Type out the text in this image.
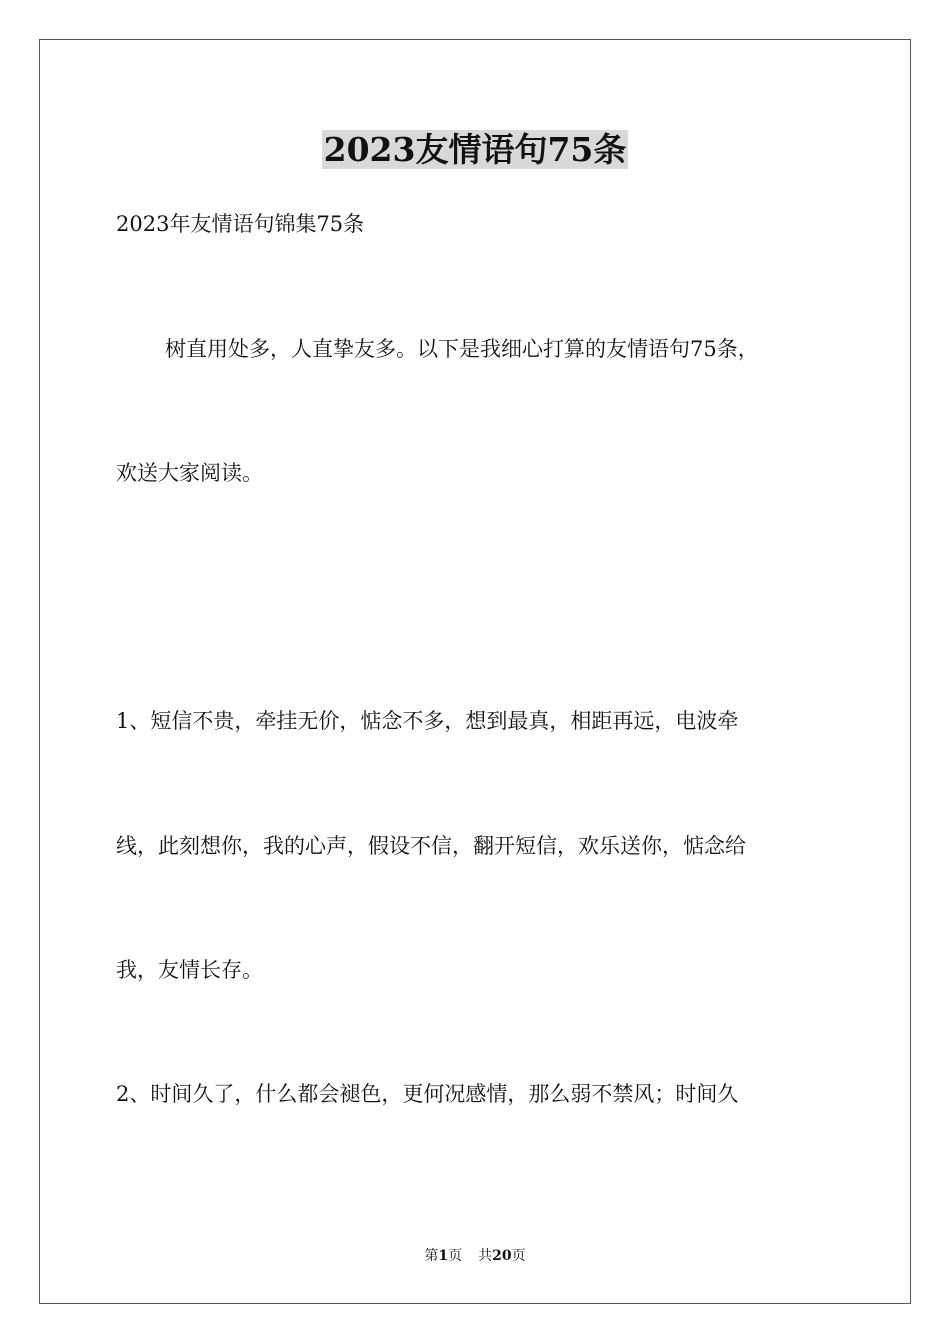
2023友情语句75条
2023年友情语句锦集75条
树直用处多，人直挚友多。以下是我细心打算的友情语句75条，
欢送大家阅读。
1、短信不贵，牵挂无价，惦念不多，想到最真，相距再远，电波牵
线，此刻想你，我的心声，假设不信，翻开短信，欢乐送你，惦念给
我，友情长存。
2、时间久了，什么都会褪色，更何况感情，那么弱不禁风；时间久
第1页 共20页
